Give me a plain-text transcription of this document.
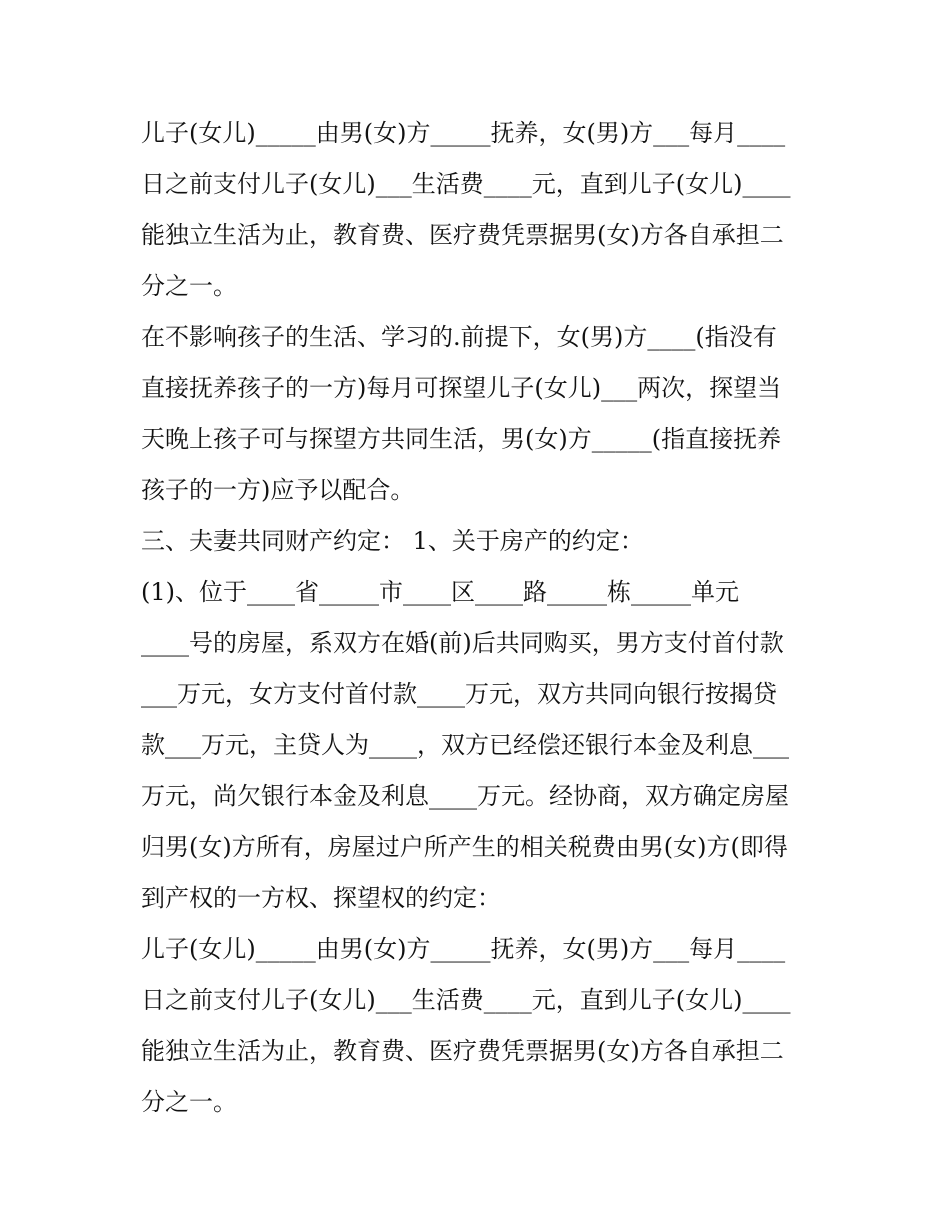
儿子(女儿)_____由男(女)方_____抚养，女(男)方___每月____
日之前支付儿子(女儿)___生活费____元，直到儿子(女儿)____
能独立生活为止，教育费、医疗费凭票据男(女)方各自承担二
分之一。
在不影响孩子的生活、学习的.前提下，女(男)方____(指没有
直接抚养孩子的一方)每月可探望儿子(女儿)___两次，探望当
天晚上孩子可与探望方共同生活，男(女)方_____(指直接抚养
孩子的一方)应予以配合。
三、夫妻共同财产约定： 1、关于房产的约定：
(1)、位于____省_____市____区____路_____栋_____单元
____号的房屋，系双方在婚(前)后共同购买，男方支付首付款
___万元，女方支付首付款____万元，双方共同向银行按揭贷
款___万元，主贷人为____，双方已经偿还银行本金及利息___
万元，尚欠银行本金及利息____万元。经协商，双方确定房屋
归男(女)方所有，房屋过户所产生的相关税费由男(女)方(即得
到产权的一方权、探望权的约定：
儿子(女儿)_____由男(女)方_____抚养，女(男)方___每月____
日之前支付儿子(女儿)___生活费____元，直到儿子(女儿)____
能独立生活为止，教育费、医疗费凭票据男(女)方各自承担二
分之一。
